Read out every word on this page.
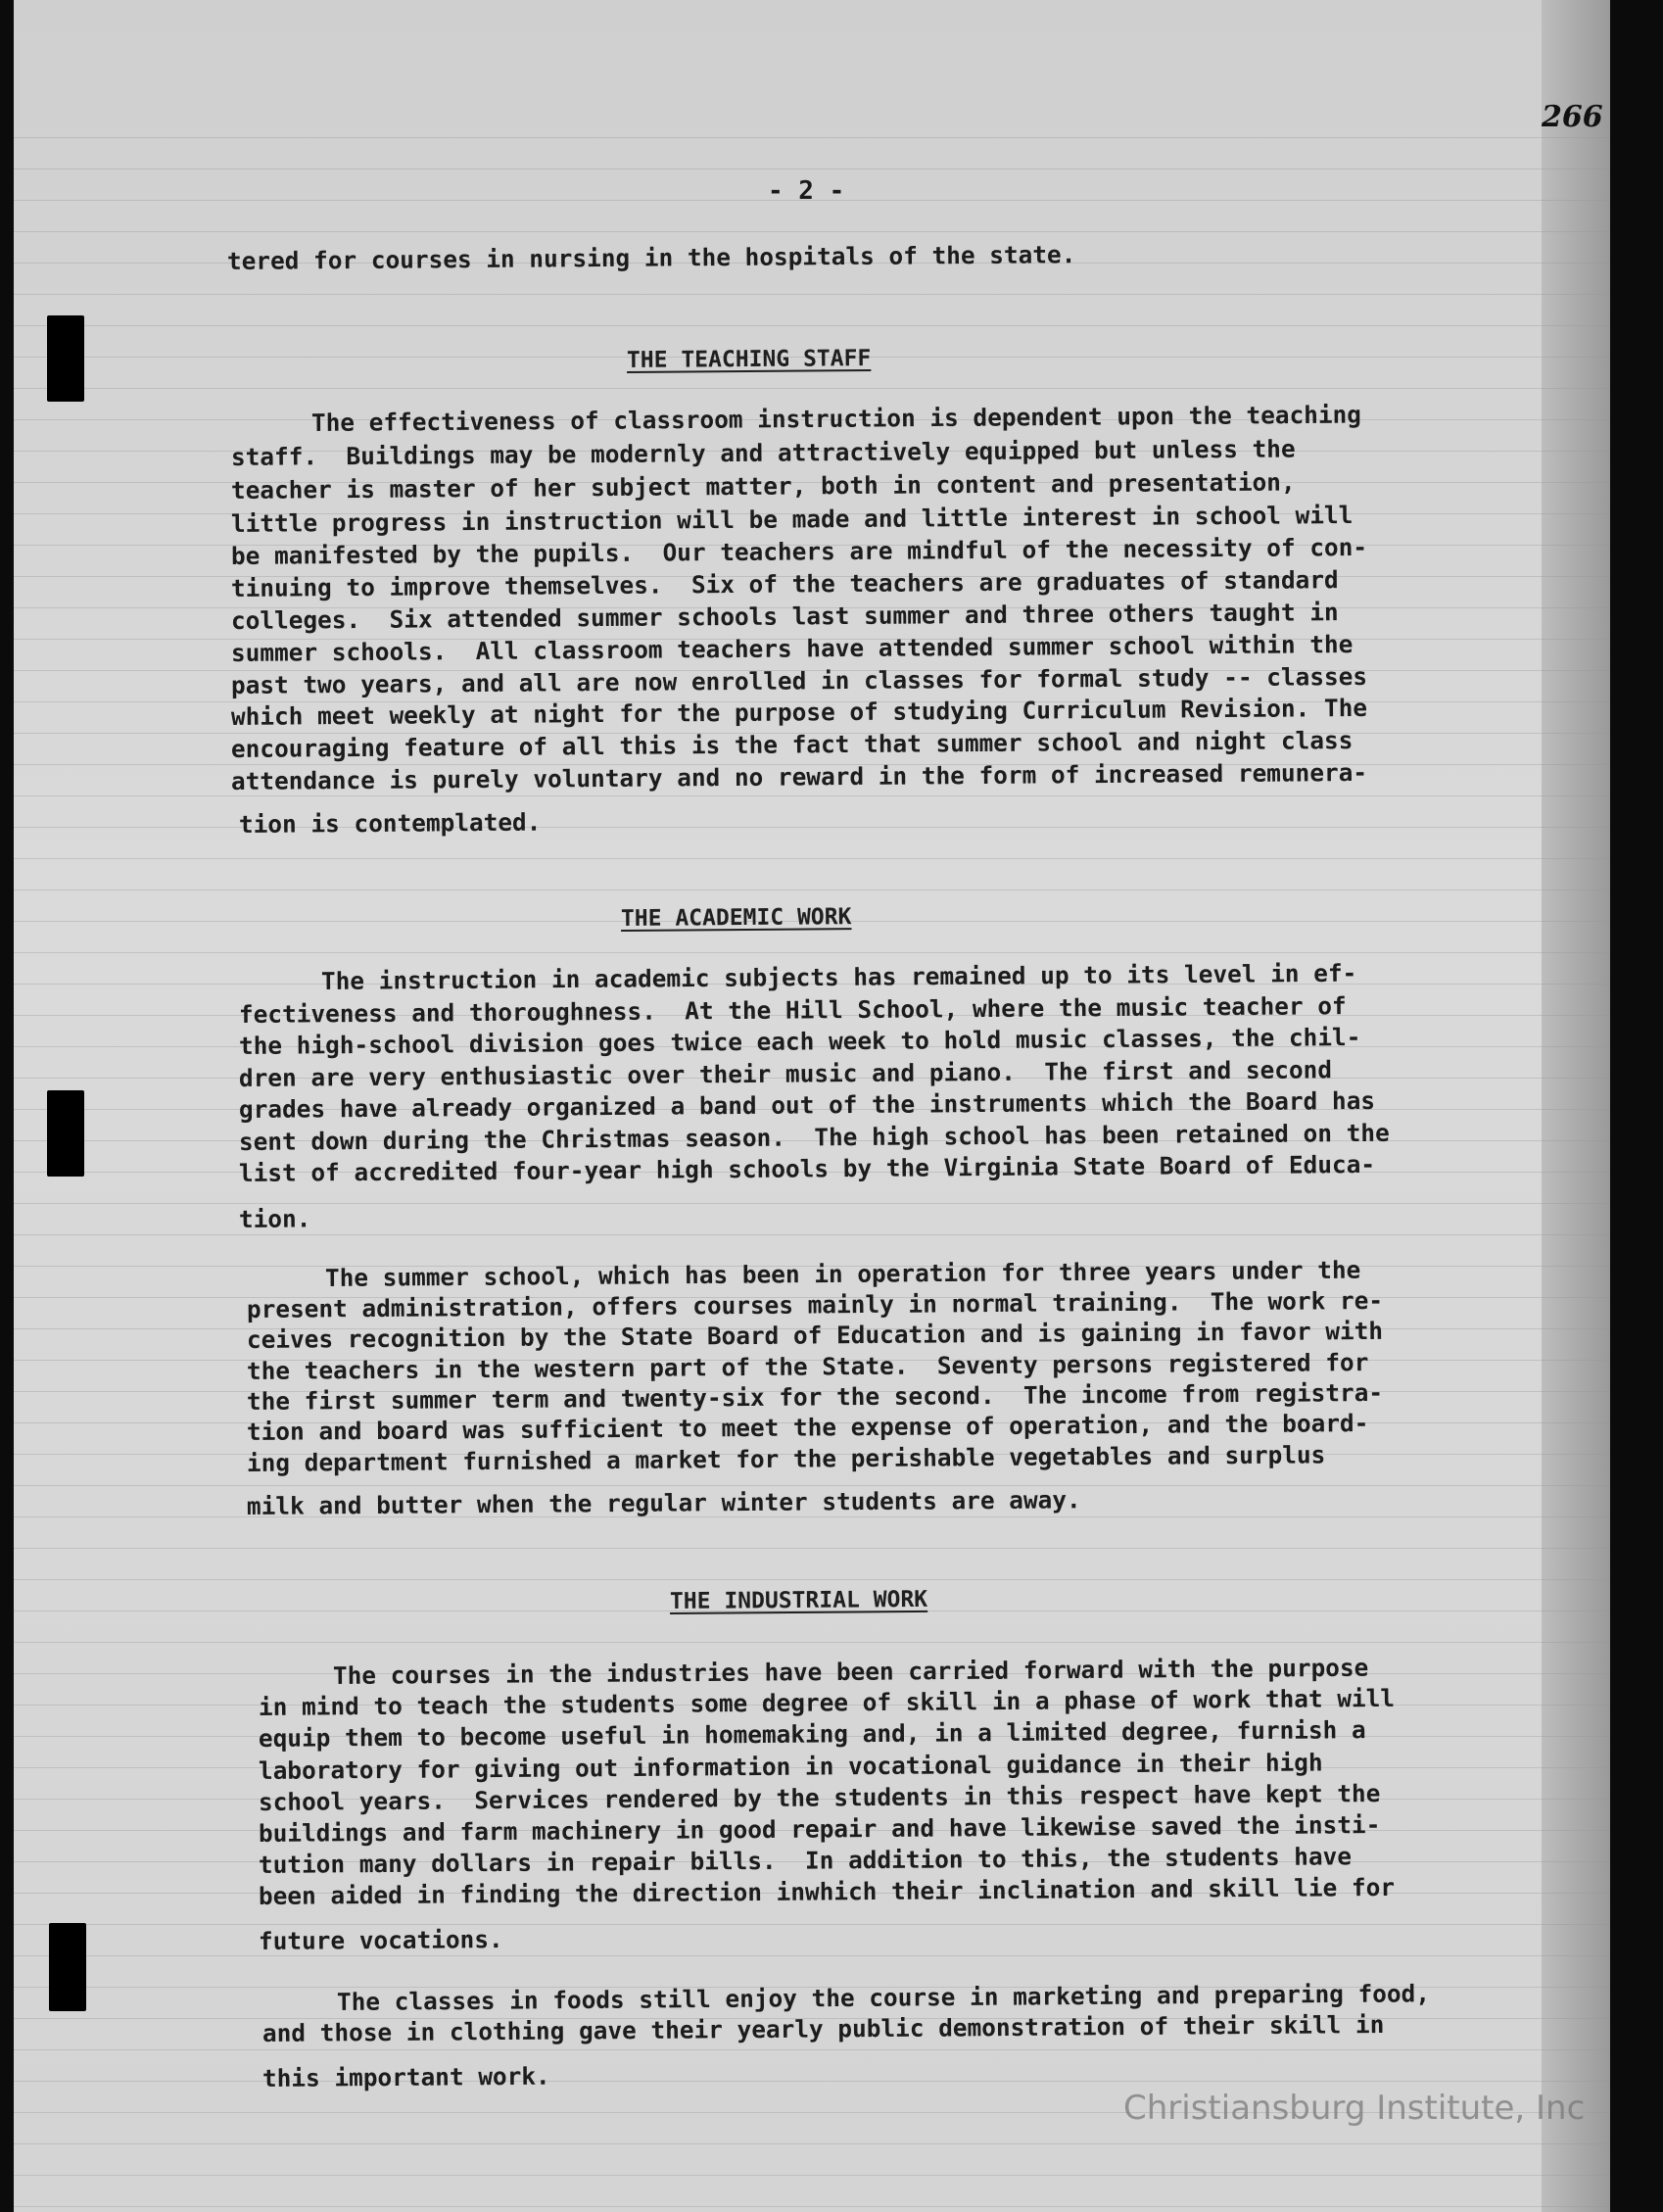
266
- 2 -
tered for courses in nursing in the hospitals of the state.
THE TEACHING STAFF
The effectiveness of classroom instruction is dependent upon the teaching
staff.  Buildings may be modernly and attractively equipped but unless the
teacher is master of her subject matter, both in content and presentation,
little progress in instruction will be made and little interest in school will
be manifested by the pupils.  Our teachers are mindful of the necessity of con-
tinuing to improve themselves.  Six of the teachers are graduates of standard
colleges.  Six attended summer schools last summer and three others taught in
summer schools.  All classroom teachers have attended summer school within the
past two years, and all are now enrolled in classes for formal study -- classes
which meet weekly at night for the purpose of studying Curriculum Revision. The
encouraging feature of all this is the fact that summer school and night class
attendance is purely voluntary and no reward in the form of increased remunera-
tion is contemplated.
THE ACADEMIC WORK
The instruction in academic subjects has remained up to its level in ef-
fectiveness and thoroughness.  At the Hill School, where the music teacher of
the high-school division goes twice each week to hold music classes, the chil-
dren are very enthusiastic over their music and piano.  The first and second
grades have already organized a band out of the instruments which the Board has
sent down during the Christmas season.  The high school has been retained on the
list of accredited four-year high schools by the Virginia State Board of Educa-
tion.
The summer school, which has been in operation for three years under the
present administration, offers courses mainly in normal training.  The work re-
ceives recognition by the State Board of Education and is gaining in favor with
the teachers in the western part of the State.  Seventy persons registered for
the first summer term and twenty-six for the second.  The income from registra-
tion and board was sufficient to meet the expense of operation, and the board-
ing department furnished a market for the perishable vegetables and surplus
milk and butter when the regular winter students are away.
THE INDUSTRIAL WORK
The courses in the industries have been carried forward with the purpose
in mind to teach the students some degree of skill in a phase of work that will
equip them to become useful in homemaking and, in a limited degree, furnish a
laboratory for giving out information in vocational guidance in their high
school years.  Services rendered by the students in this respect have kept the
buildings and farm machinery in good repair and have likewise saved the insti-
tution many dollars in repair bills.  In addition to this, the students have
been aided in finding the direction inwhich their inclination and skill lie for
future vocations.
The classes in foods still enjoy the course in marketing and preparing food,
and those in clothing gave their yearly public demonstration of their skill in
this important work.
Christiansburg Institute, Inc
